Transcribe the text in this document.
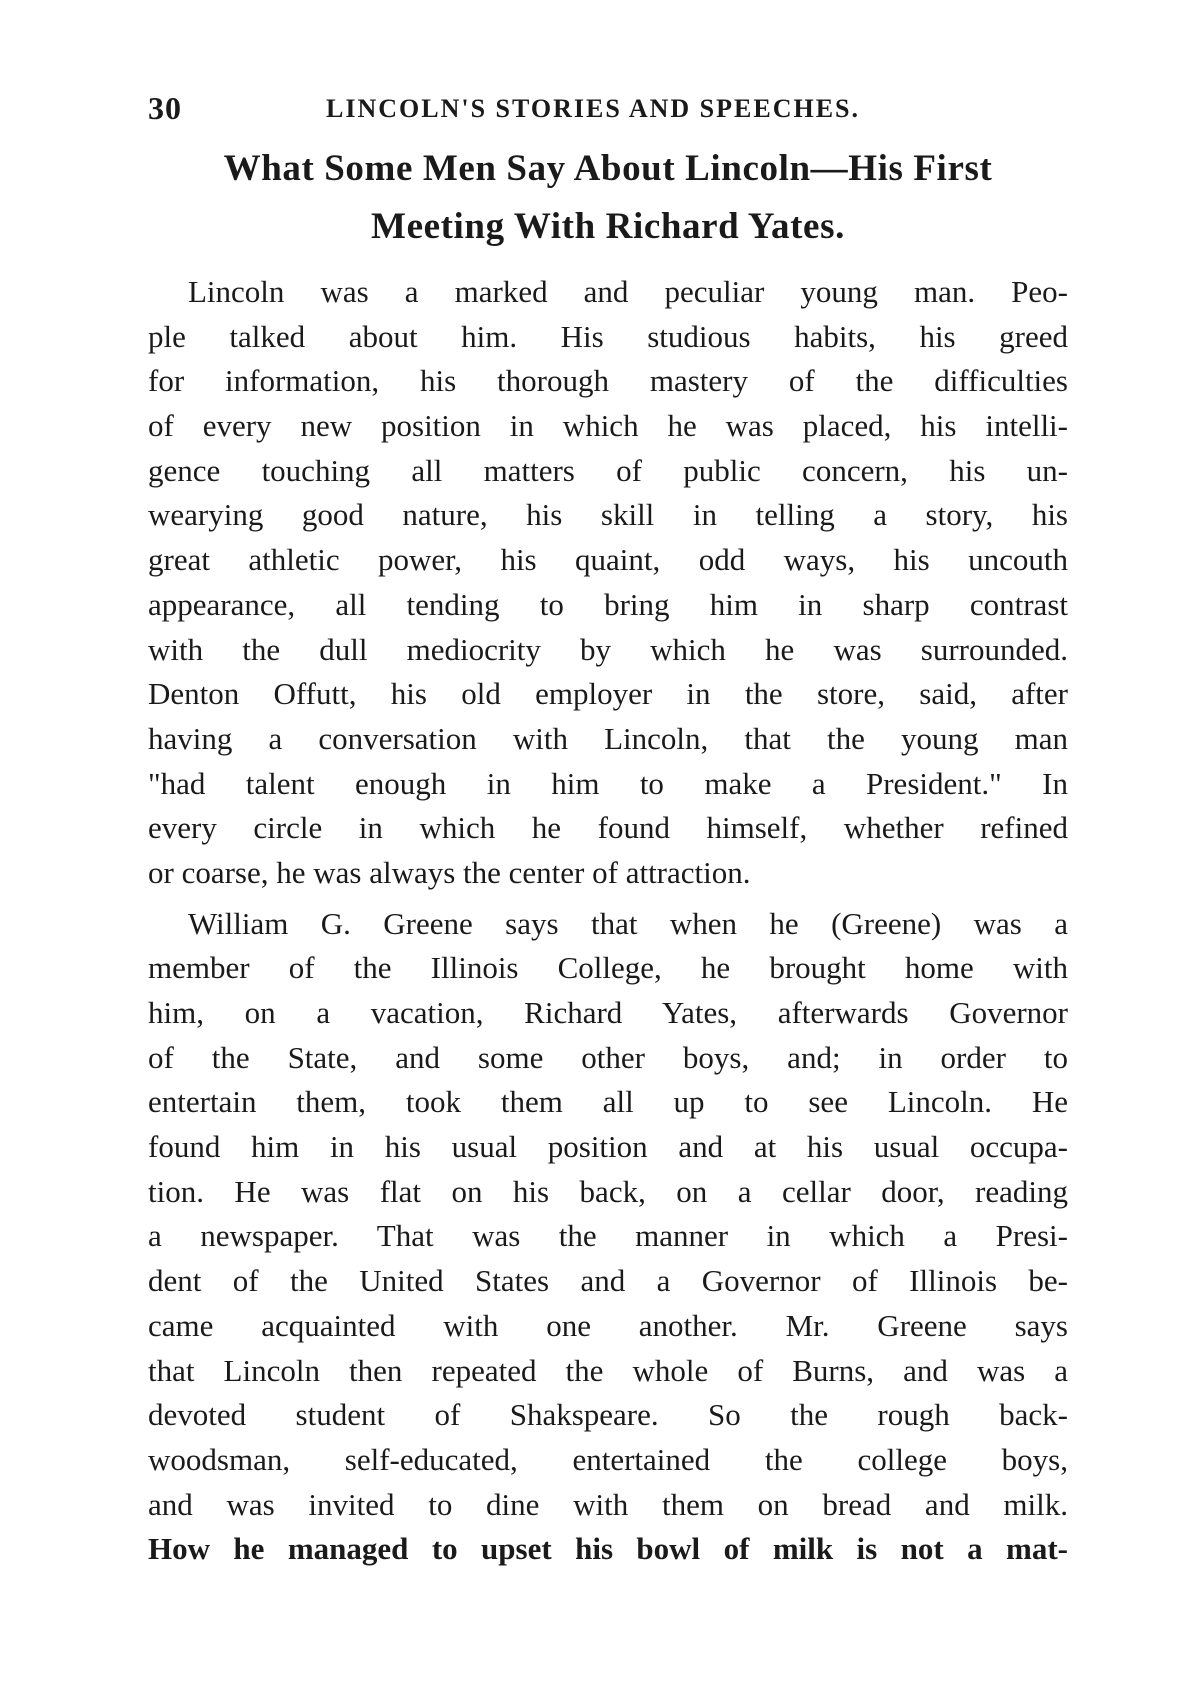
30	LINCOLN'S STORIES AND SPEECHES.
What Some Men Say About Lincoln—His First
Meeting With Richard Yates.

Lincoln was a marked and peculiar young man. Peo-
ple talked about him. His studious habits, his greed
for information, his thorough mastery of the difficulties
of every new position in which he was placed, his intelli-
gence touching all matters of public concern, his un-
wearying good nature, his skill in telling a story, his
great athletic power, his quaint, odd ways, his uncouth
appearance, all tending to bring him in sharp contrast
with the dull mediocrity by which he was surrounded.
Denton Offutt, his old employer in the store, said, after
having a conversation with Lincoln, that the young man
"had talent enough in him to make a President." In
every circle in which he found himself, whether refined
or coarse, he was always the center of attraction.

William G. Greene says that when he (Greene) was a
member of the Illinois College, he brought home with
him, on a vacation, Richard Yates, afterwards Governor
of the State, and some other boys, and; in order to
entertain them, took them all up to see Lincoln. He
found him in his usual position and at his usual occupa-
tion. He was flat on his back, on a cellar door, reading
a newspaper. That was the manner in which a Presi-
dent of the United States and a Governor of Illinois be-
came acquainted with one another. Mr. Greene says
that Lincoln then repeated the whole of Burns, and was a
devoted student of Shakspeare. So the rough back-
woodsman, self-educated, entertained the college boys,
and was invited to dine with them on bread and milk.
How he managed to upset his bowl of milk is not a mat-
